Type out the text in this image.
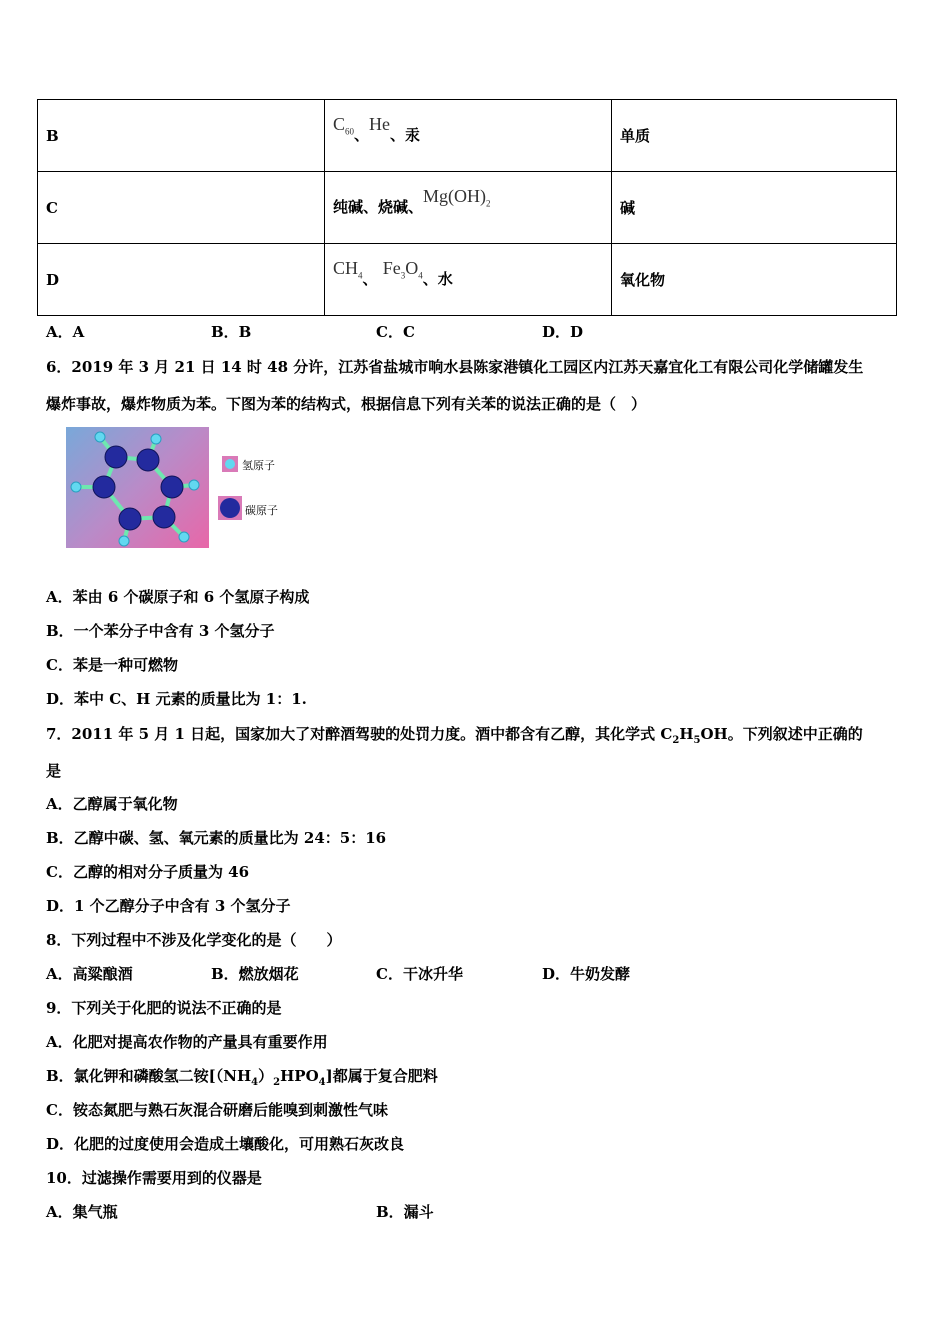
B	$C_{60}$、He、汞	单质
C	纯碱、烧碱、$Mg(OH)_2$	碱
D	$CH_4$、 $Fe_3O_4$、水	氧化物
A．A	B．B	C．C	D．D
6．2019 年 3 月 21 日 14 时 48 分许，江苏省盐城市响水县陈家港镇化工园区内江苏天嘉宜化工有限公司化学储罐发生
爆炸事故，爆炸物质为苯。下图为苯的结构式，根据信息下列有关苯的说法正确的是（　）
氢原子
碳原子
A．苯由 6 个碳原子和 6 个氢原子构成
B．一个苯分子中含有 3 个氢分子
C．苯是一种可燃物
D．苯中 C、H 元素的质量比为 1：1.
7．2011 年 5 月 1 日起，国家加大了对醉酒驾驶的处罚力度。酒中都含有乙醇，其化学式 $C_2H_5OH$。下列叙述中正确的
是
A．乙醇属于氧化物
B．乙醇中碳、氢、氧元素的质量比为 24：5：16
C．乙醇的相对分子质量为 46
D．1 个乙醇分子中含有 3 个氢分子
8．下列过程中不涉及化学变化的是（　　）
A．高粱酿酒	B．燃放烟花	C．干冰升华	D．牛奶发酵
9．下列关于化肥的说法不正确的是
A．化肥对提高农作物的产量具有重要作用
B．氯化钾和磷酸氢二铵$[(NH_4)_2HPO_4]$都属于复合肥料
C．铵态氮肥与熟石灰混合研磨后能嗅到刺激性气味
D．化肥的过度使用会造成土壤酸化，可用熟石灰改良
10．过滤操作需要用到的仪器是
A．集气瓶	B．漏斗
